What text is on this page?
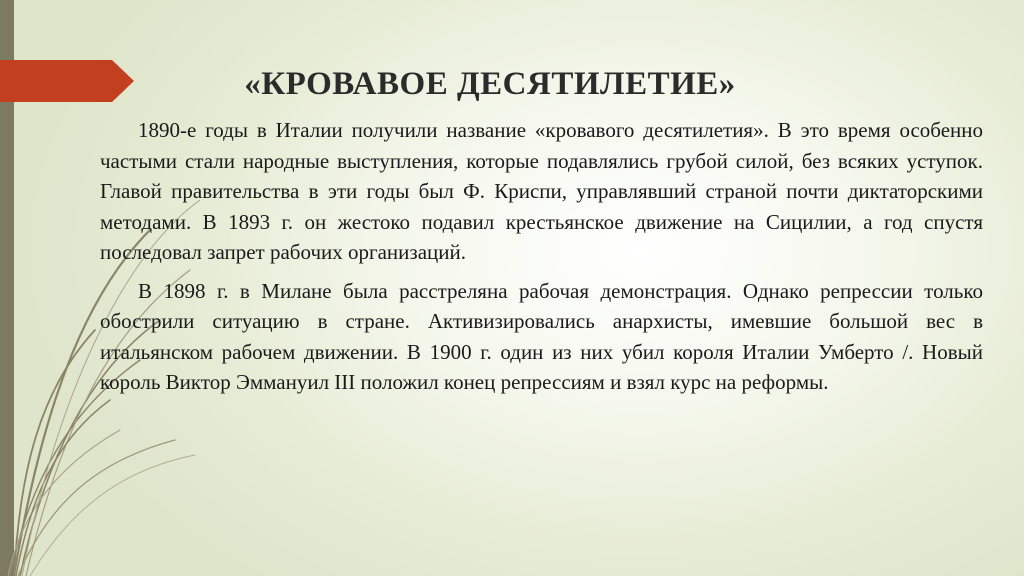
«КРОВАВОЕ ДЕСЯТИЛЕТИЕ»

1890-е годы в Италии получили название «кровавого десятилетия». В это время особенно частыми стали народные выступления, которые подавлялись грубой силой, без всяких уступок. Главой правительства в эти годы был Ф. Криспи, управлявший страной почти диктаторскими методами. В 1893 г. он жестоко подавил крестьянское движение на Сицилии, а год спустя последовал запрет рабочих организаций.

В 1898 г. в Милане была расстреляна рабочая демонстрация. Однако репрессии только обострили ситуацию в стране. Активизировались анархисты, имевшие большой вес в итальянском рабочем движении. В 1900 г. один из них убил короля Италии Умберто /. Новый король Виктор Эммануил III положил конец репрессиям и взял курс на реформы.
